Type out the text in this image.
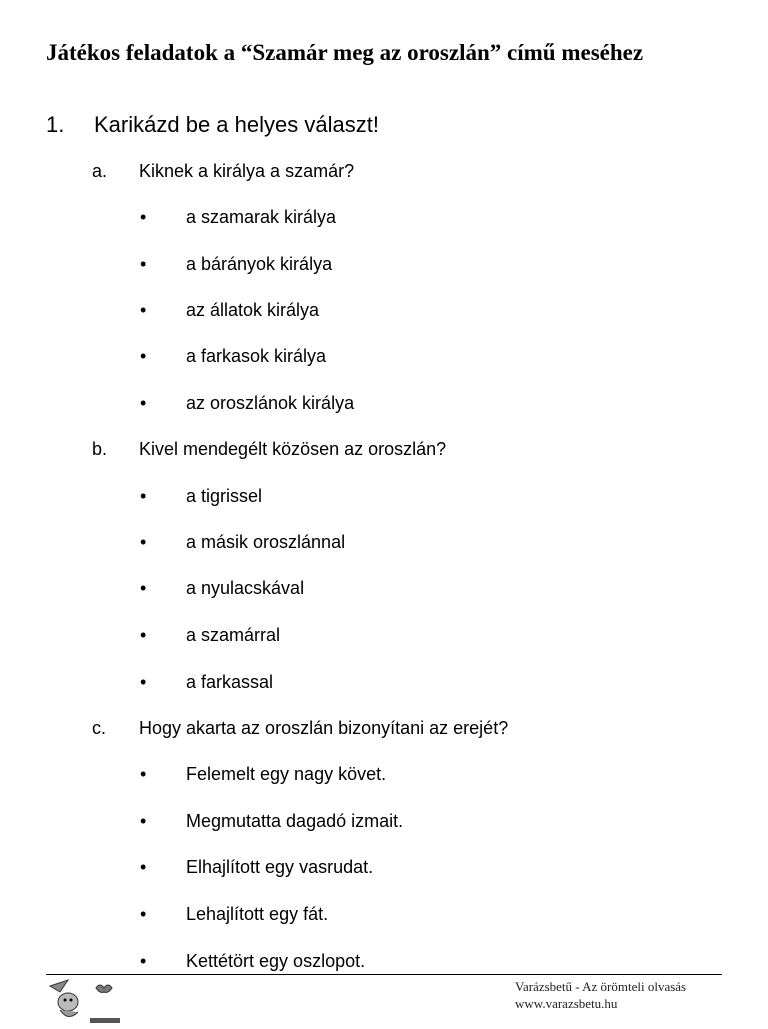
Játékos feladatok a “Szamár meg az oroszlán” című meséhez
1. Karikázd be a helyes választ!
a. Kiknek a királya a szamár?
• a szamarak királya
• a bárányok királya
• az állatok királya
• a farkasok királya
• az oroszlánok királya
b. Kivel mendegélt közösen az oroszlán?
• a tigrissel
• a másik oroszlánnal
• a nyulacskával
• a szamárral
• a farkassal
c. Hogy akarta az oroszlán bizonyítani az erejét?
• Felemelt egy nagy követ.
• Megmutatta dagadó izmait.
• Elhajlított egy vasrudat.
• Lehajlított egy fát.
• Kettétört egy oszlopot.
Varázsbetű - Az örömteli olvasás
www.varazsbetu.hu
